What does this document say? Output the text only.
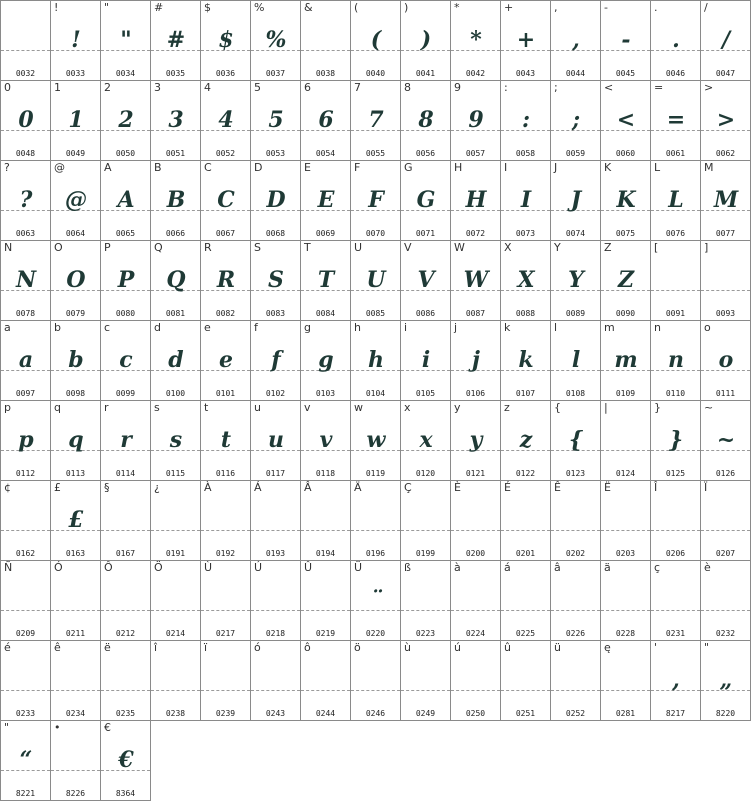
0032
!
!
0033
"
"
0034
#
#
0035
$
$
0036
%
%
0037
&
0038
(
(
0040
)
)
0041
*
*
0042
+
+
0043
,
,
0044
-
-
0045
.
.
0046
/
/
0047
0
0
0048
1
1
0049
2
2
0050
3
3
0051
4
4
0052
5
5
0053
6
6
0054
7
7
0055
8
8
0056
9
9
0057
:
:
0058
;
;
0059
<
<
0060
=
=
0061
>
>
0062
?
?
0063
@
@
0064
A
A
0065
B
B
0066
C
C
0067
D
D
0068
E
E
0069
F
F
0070
G
G
0071
H
H
0072
I
I
0073
J
J
0074
K
K
0075
L
L
0076
M
M
0077
N
N
0078
O
O
0079
P
P
0080
Q
Q
0081
R
R
0082
S
S
0083
T
T
0084
U
U
0085
V
V
0086
W
W
0087
X
X
0088
Y
Y
0089
Z
Z
0090
[
0091
]
0093
a
a
0097
b
b
0098
c
c
0099
d
d
0100
e
e
0101
f
f
0102
g
g
0103
h
h
0104
i
i
0105
j
j
0106
k
k
0107
l
l
0108
m
m
0109
n
n
0110
o
o
0111
p
p
0112
q
q
0113
r
r
0114
s
s
0115
t
t
0116
u
u
0117
v
v
0118
w
w
0119
x
x
0120
y
y
0121
z
z
0122
{
{
0123
|
0124
}
}
0125
~
~
0126
¢
0162
£
£
0163
§
0167
¿
0191
À
0192
Á
0193
Â
0194
Ä
0196
Ç
0199
È
0200
É
0201
Ê
0202
Ë
0203
Î
0206
Ï
0207
Ñ
0209
Ó
0211
Ô
0212
Ö
0214
Ù
0217
Ú
0218
Û
0219
Ü
¨
0220
ß
0223
à
0224
á
0225
â
0226
ä
0228
ç
0231
è
0232
é
0233
ê
0234
ë
0235
î
0238
ï
0239
ó
0243
ô
0244
ö
0246
ù
0249
ú
0250
û
0251
ü
0252
ę
0281
'
,
8217
"
„
8220
"
“
8221
•
8226
€
€
8364
